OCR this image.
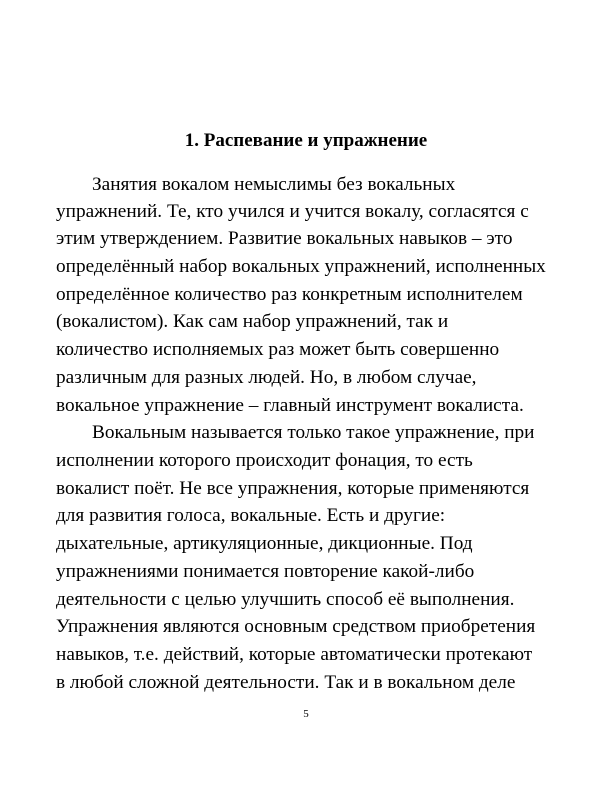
1. Распевание и упражнение
Занятия вокалом немыслимы без вокальных
упражнений. Те, кто учился и учится вокалу, согласятся с
этим утверждением. Развитие вокальных навыков – это
определённый набор вокальных упражнений, исполненных
определённое количество раз конкретным исполнителем
(вокалистом). Как сам набор упражнений, так и
количество исполняемых раз может быть совершенно
различным для разных людей. Но, в любом случае,
вокальное упражнение – главный инструмент вокалиста.
Вокальным называется только такое упражнение, при
исполнении которого происходит фонация, то есть
вокалист поёт. Не все упражнения, которые применяются
для развития голоса, вокальные. Есть и другие:
дыхательные, артикуляционные, дикционные. Под
упражнениями понимается повторение какой-либо
деятельности с целью улучшить способ её выполнения.
Упражнения являются основным средством приобретения
навыков, т.е. действий, которые автоматически протекают
в любой сложной деятельности. Так и в вокальном деле
5
